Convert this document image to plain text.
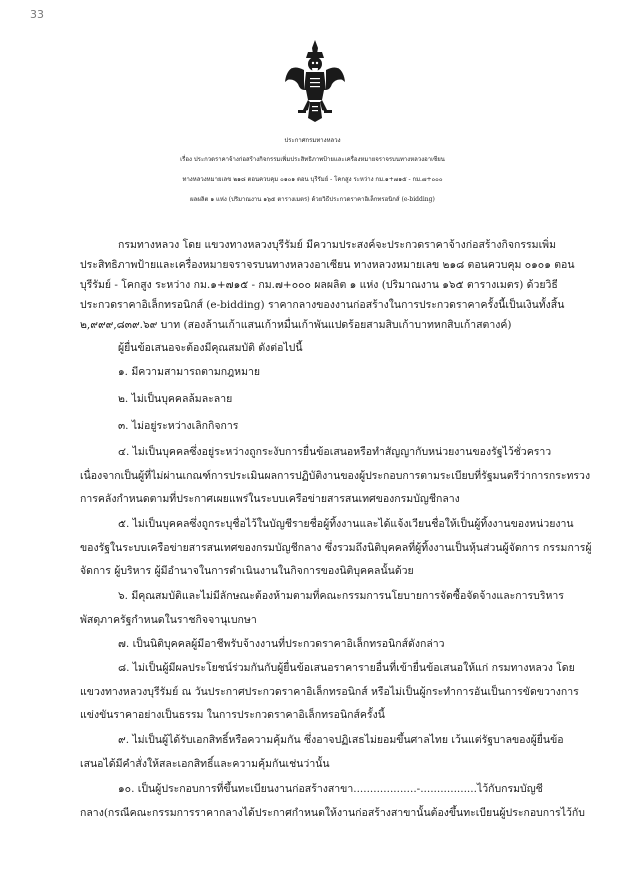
33
ประกาศกรมทางหลวง
เรื่อง ประกวดราคาจ้างก่อสร้างกิจกรรมเพิ่มประสิทธิภาพป้ายและเครื่องหมายจราจรบนทางหลวงอาเซียน
ทางหลวงหมายเลข ๒๑๘ ตอนควบคุม ๐๑๐๑ ตอน บุรีรัมย์ - โคกสูง ระหว่าง กม.๑+๗๑๕ - กม.๗+๐๐๐
ผลผลิต ๑ แห่ง (ปริมาณงาน ๑๖๕ ตารางเมตร) ด้วยวิธีประกวดราคาอิเล็กทรอนิกส์ (e-bidding)
กรมทางหลวง โดย แขวงทางหลวงบุรีรัมย์ มีความประสงค์จะประกวดราคาจ้างก่อสร้างกิจกรรมเพิ่ม
ประสิทธิภาพป้ายและเครื่องหมายจราจรบนทางหลวงอาเซียน ทางหลวงหมายเลข ๒๑๘ ตอนควบคุม ๐๑๐๑ ตอน
บุรีรัมย์ - โคกสูง ระหว่าง กม.๑+๗๑๕ - กม.๗+๐๐๐ ผลผลิต ๑ แห่ง (ปริมาณงาน ๑๖๕ ตารางเมตร) ด้วยวิธี
ประกวดราคาอิเล็กทรอนิกส์ (e-bidding) ราคากลางของงานก่อสร้างในการประกวดราคาครั้งนี้เป็นเงินทั้งสิ้น
๒,๙๙๙,๘๓๙.๖๙ บาท (สองล้านเก้าแสนเก้าหมื่นเก้าพันแปดร้อยสามสิบเก้าบาทหกสิบเก้าสตางค์)
ผู้ยื่นข้อเสนอจะต้องมีคุณสมบัติ ดังต่อไปนี้
๑. มีความสามารถตามกฎหมาย
๒. ไม่เป็นบุคคลล้มละลาย
๓. ไม่อยู่ระหว่างเลิกกิจการ
๔. ไม่เป็นบุคคลซึ่งอยู่ระหว่างถูกระงับการยื่นข้อเสนอหรือทำสัญญากับหน่วยงานของรัฐไว้ชั่วคราว
เนื่องจากเป็นผู้ที่ไม่ผ่านเกณฑ์การประเมินผลการปฏิบัติงานของผู้ประกอบการตามระเบียบที่รัฐมนตรีว่าการกระทรวง
การคลังกำหนดตามที่ประกาศเผยแพร่ในระบบเครือข่ายสารสนเทศของกรมบัญชีกลาง
๕. ไม่เป็นบุคคลซึ่งถูกระบุชื่อไว้ในบัญชีรายชื่อผู้ทิ้งงานและได้แจ้งเวียนชื่อให้เป็นผู้ทิ้งงานของหน่วยงาน
ของรัฐในระบบเครือข่ายสารสนเทศของกรมบัญชีกลาง ซึ่งรวมถึงนิติบุคคลที่ผู้ทิ้งงานเป็นหุ้นส่วนผู้จัดการ กรรมการผู้
จัดการ ผู้บริหาร ผู้มีอำนาจในการดำเนินงานในกิจการของนิติบุคคลนั้นด้วย
๖. มีคุณสมบัติและไม่มีลักษณะต้องห้ามตามที่คณะกรรมการนโยบายการจัดซื้อจัดจ้างและการบริหาร
พัสดุภาครัฐกำหนดในราชกิจจานุเบกษา
๗. เป็นนิติบุคคลผู้มีอาชีพรับจ้างงานที่ประกวดราคาอิเล็กทรอนิกส์ดังกล่าว
๘. ไม่เป็นผู้มีผลประโยชน์ร่วมกันกับผู้ยื่นข้อเสนอราคารายอื่นที่เข้ายื่นข้อเสนอให้แก่ กรมทางหลวง โดย
แขวงทางหลวงบุรีรัมย์ ณ วันประกาศประกวดราคาอิเล็กทรอนิกส์ หรือไม่เป็นผู้กระทำการอันเป็นการขัดขวางการ
แข่งขันราคาอย่างเป็นธรรม ในการประกวดราคาอิเล็กทรอนิกส์ครั้งนี้
๙. ไม่เป็นผู้ได้รับเอกสิทธิ์หรือความคุ้มกัน ซึ่งอาจปฏิเสธไม่ยอมขึ้นศาลไทย เว้นแต่รัฐบาลของผู้ยื่นข้อ
เสนอได้มีคำสั่งให้สละเอกสิทธิ์และความคุ้มกันเช่นว่านั้น
๑๐. เป็นผู้ประกอบการที่ขึ้นทะเบียนงานก่อสร้างสาขา...................-.................ไว้กับกรมบัญชี
กลาง(กรณีคณะกรรมการราคากลางได้ประกาศกำหนดให้งานก่อสร้างสาขานั้นต้องขึ้นทะเบียนผู้ประกอบการไว้กับ
